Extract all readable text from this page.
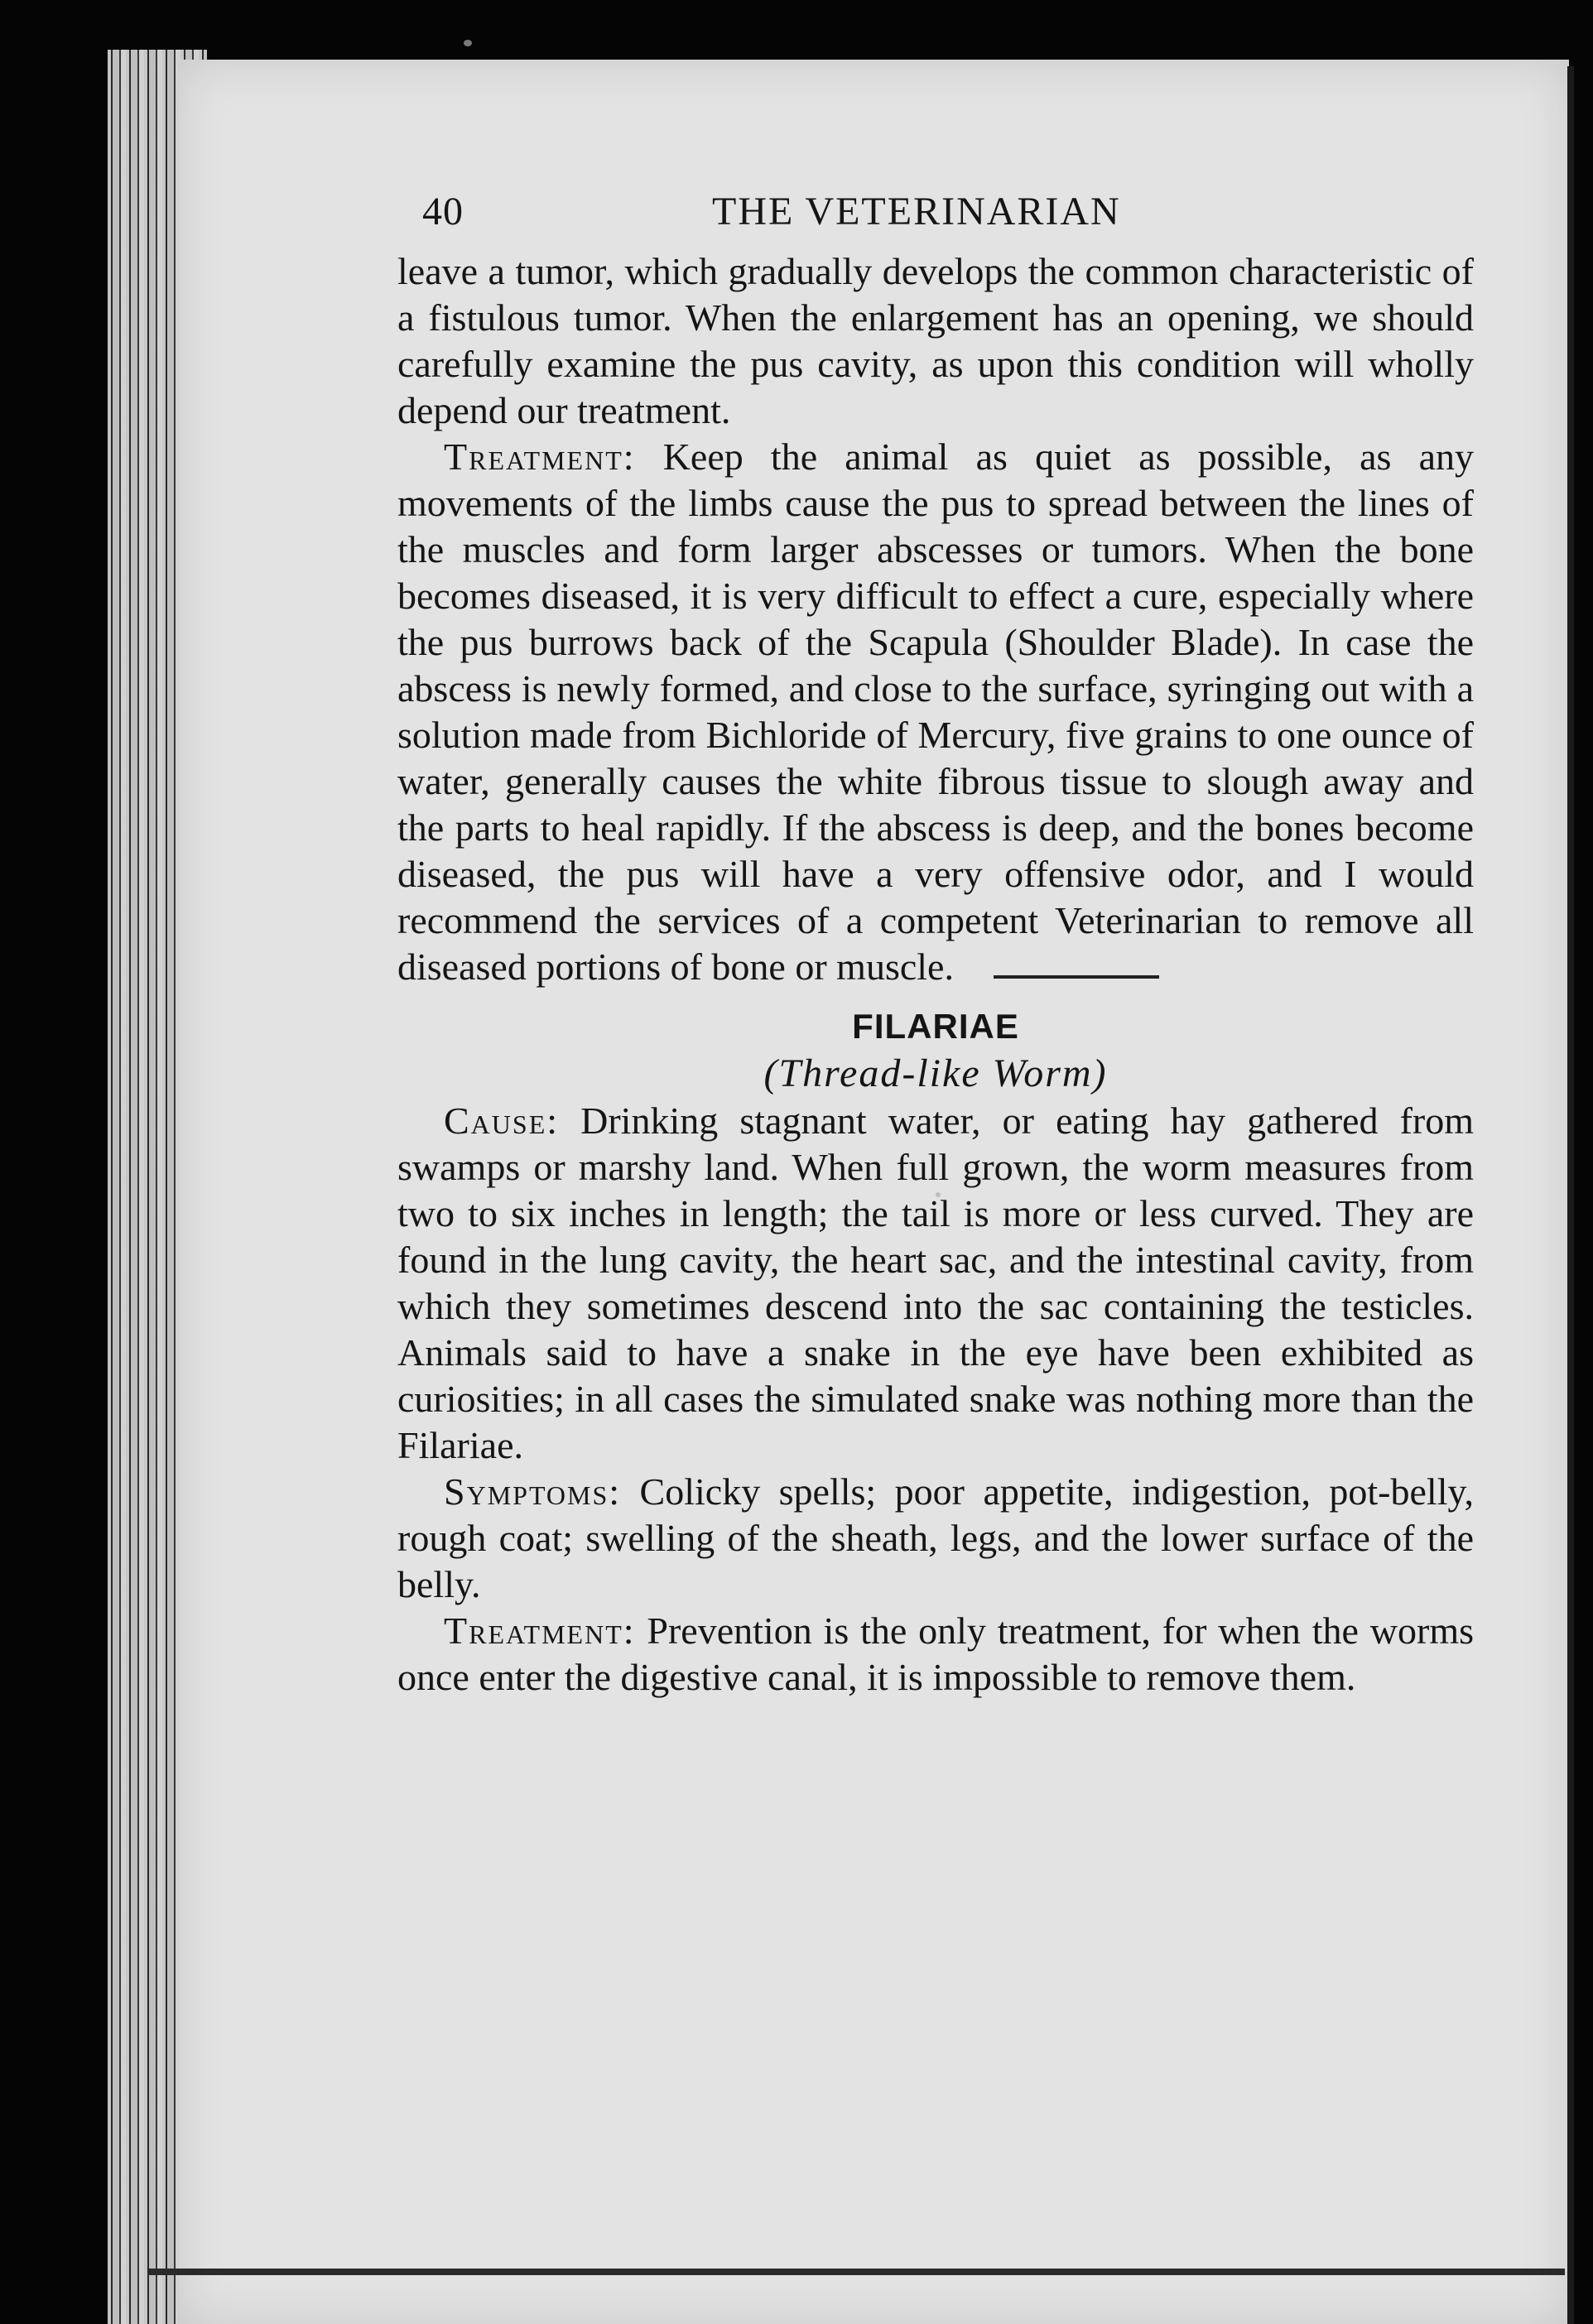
40	THE VETERINARIAN

leave a tumor, which gradually develops the common characteristic of a fistulous tumor. When the enlargement has an opening, we should carefully examine the pus cavity, as upon this condition will wholly depend our treatment.

Treatment: Keep the animal as quiet as possible, as any movements of the limbs cause the pus to spread between the lines of the muscles and form larger abscesses or tumors. When the bone becomes diseased, it is very difficult to effect a cure, especially where the pus burrows back of the Scapula (Shoulder Blade). In case the abscess is newly formed, and close to the surface, syringing out with a solution made from Bichloride of Mercury, five grains to one ounce of water, generally causes the white fibrous tissue to slough away and the parts to heal rapidly. If the abscess is deep, and the bones become diseased, the pus will have a very offensive odor, and I would recommend the services of a competent Veterinarian to remove all diseased portions of bone or muscle.

FILARIAE
(Thread-like Worm)

Cause: Drinking stagnant water, or eating hay gathered from swamps or marshy land. When full grown, the worm measures from two to six inches in length; the tail is more or less curved. They are found in the lung cavity, the heart sac, and the intestinal cavity, from which they sometimes descend into the sac containing the testicles. Animals said to have a snake in the eye have been exhibited as curiosities; in all cases the simulated snake was nothing more than the Filariae.

Symptoms: Colicky spells; poor appetite, indigestion, pot-belly, rough coat; swelling of the sheath, legs, and the lower surface of the belly.

Treatment: Prevention is the only treatment, for when the worms once enter the digestive canal, it is impossible to remove them.
